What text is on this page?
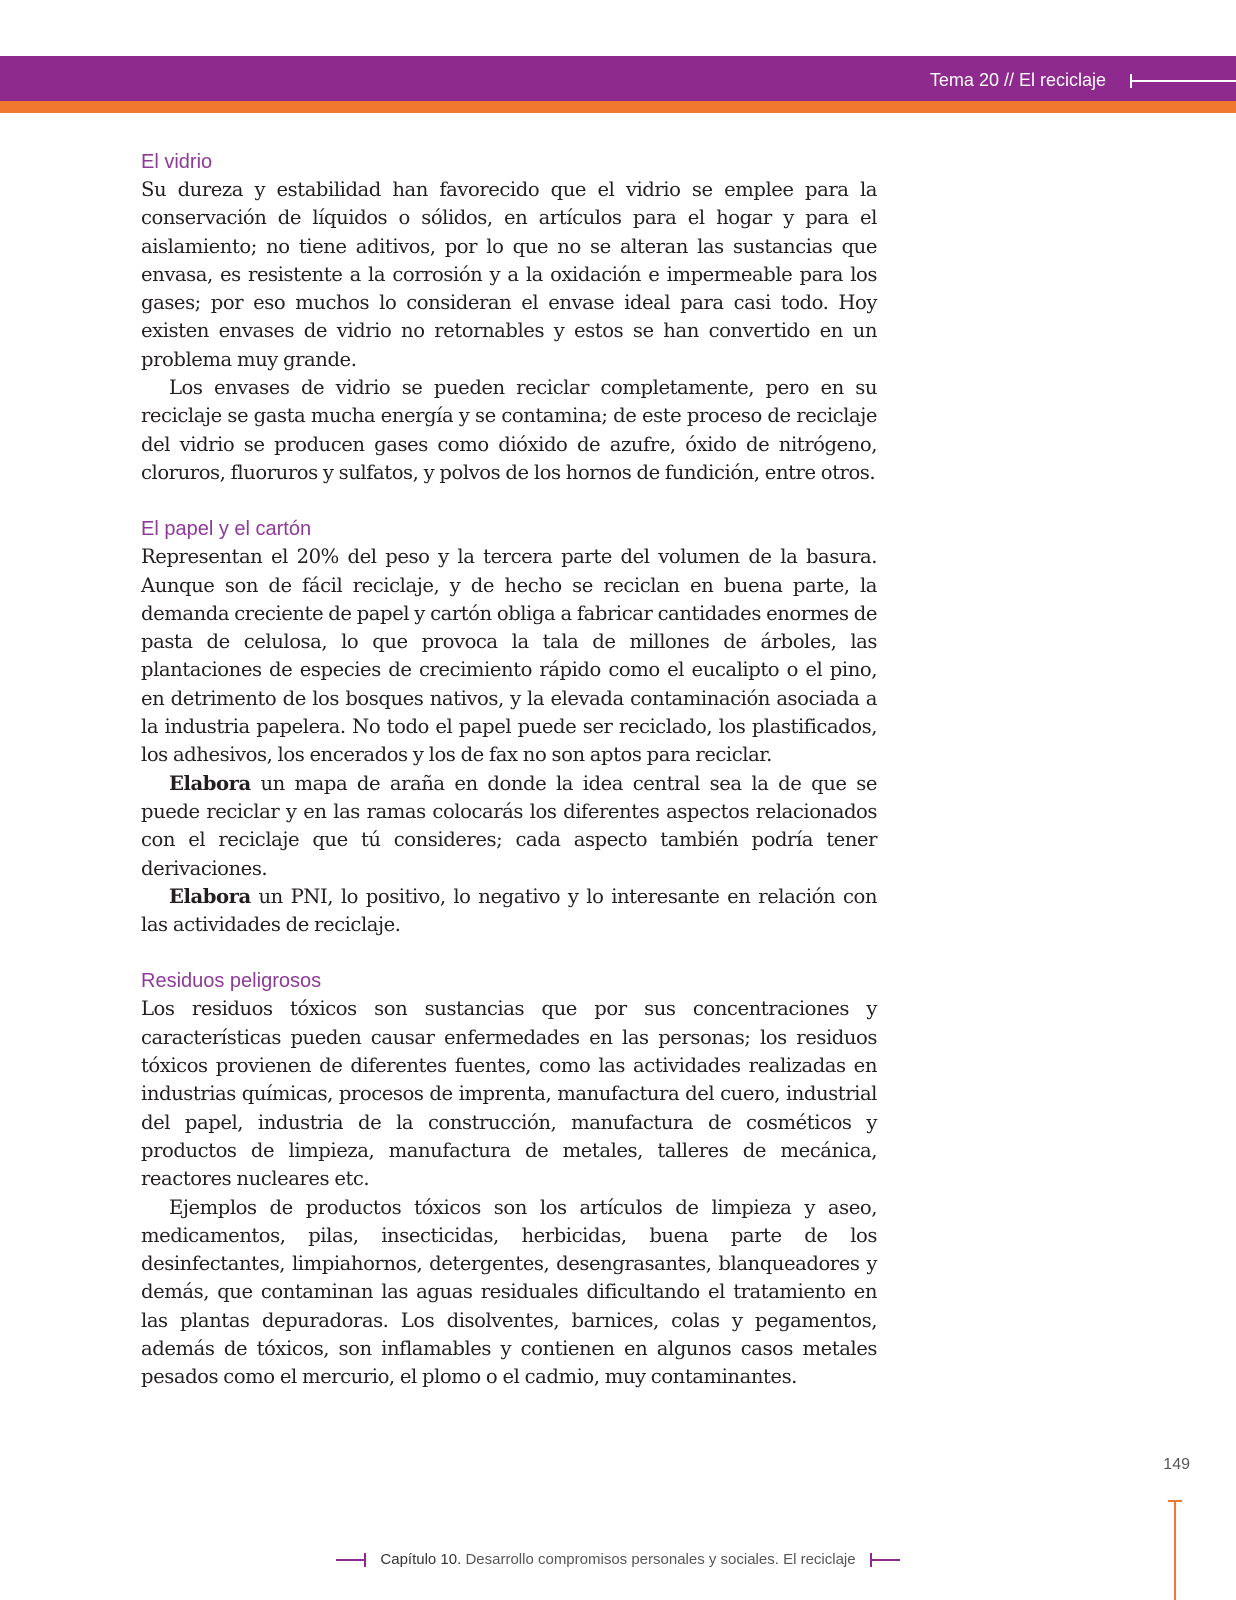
Tema 20 // El reciclaje
El vidrio

Su dureza y estabilidad han favorecido que el vidrio se emplee para la conservación de líquidos o sólidos, en artículos para el hogar y para el aislamiento; no tiene aditivos, por lo que no se alteran las sustancias que envasa, es resistente a la corrosión y a la oxidación e impermeable para los gases; por eso muchos lo consideran el envase ideal para casi todo. Hoy existen envases de vidrio no retornables y estos se han convertido en un problema muy grande.

Los envases de vidrio se pueden reciclar completamente, pero en su reciclaje se gasta mucha energía y se contamina; de este proceso de reciclaje del vidrio se producen gases como dióxido de azufre, óxido de nitrógeno, cloruros, fluoruros y sulfatos, y polvos de los hornos de fundición, entre otros.

El papel y el cartón

Representan el 20% del peso y la tercera parte del volumen de la basura. Aunque son de fácil reciclaje, y de hecho se reciclan en buena parte, la demanda creciente de papel y cartón obliga a fabricar cantidades enormes de pasta de celulosa, lo que provoca la tala de millones de árboles, las plantaciones de especies de crecimiento rápido como el eucalipto o el pino, en detrimento de los bosques nativos, y la elevada contaminación asociada a la industria papelera. No todo el papel puede ser reciclado, los plastificados, los adhesivos, los encerados y los de fax no son aptos para reciclar.

Elabora un mapa de araña en donde la idea central sea la de que se puede reciclar y en las ramas colocarás los diferentes aspectos relacionados con el reciclaje que tú consideres; cada aspecto también podría tener derivaciones.

Elabora un PNI, lo positivo, lo negativo y lo interesante en relación con las actividades de reciclaje.

Residuos peligrosos

Los residuos tóxicos son sustancias que por sus concentraciones y características pueden causar enfermedades en las personas; los residuos tóxicos provienen de diferentes fuentes, como las actividades realizadas en industrias químicas, procesos de imprenta, manufactura del cuero, industrial del papel, industria de la construcción, manufactura de cosméticos y productos de limpieza, manufactura de metales, talleres de mecánica, reactores nucleares etc.

Ejemplos de productos tóxicos son los artículos de limpieza y aseo, medicamentos, pilas, insecticidas, herbicidas, buena parte de los desinfectantes, limpiahornos, detergentes, desengrasantes, blanqueadores y demás, que contaminan las aguas residuales dificultando el tratamiento en las plantas depuradoras. Los disolventes, barnices, colas y pegamentos, además de tóxicos, son inflamables y contienen en algunos casos metales pesados como el mercurio, el plomo o el cadmio, muy contaminantes.

149
Capítulo 10. Desarrollo compromisos personales y sociales. El reciclaje
